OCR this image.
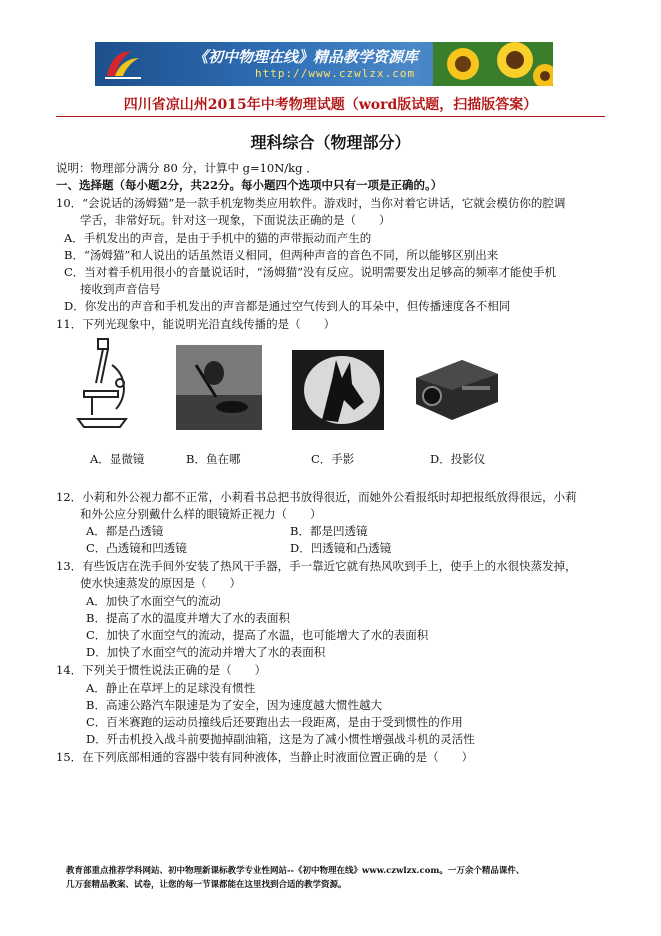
《初中物理在线》精品教学资源库
http://www.czwlzx.com
四川省凉山州2015年中考物理试题（word版试题，扫描版答案）
理科综合（物理部分）
说明：物理部分满分 80 分，计算中 g=10N/kg ．
一、选择题（每小题2分，共22分。每小题四个选项中只有一项是正确的。）
10．“会说话的汤姆猫”是一款手机宠物类应用软件。游戏时，当你对着它讲话，它就会模仿你的腔调
学舌，非常好玩。针对这一现象，下面说法正确的是（　　）
A．手机发出的声音，是由于手机中的猫的声带振动而产生的
B．“汤姆猫”和人说出的话虽然语义相同，但两种声音的音色不同，所以能够区别出来
C．当对着手机用很小的音量说话时，“汤姆猫”没有反应。说明需要发出足够高的频率才能使手机
接收到声音信号
D．你发出的声音和手机发出的声音都是通过空气传到人的耳朵中，但传播速度各不相同
11．下列光现象中，能说明光沿直线传播的是（　　）
A．显微镜	B．鱼在哪	C．手影	D．投影仪
12．小莉和外公视力都不正常，小莉看书总把书放得很近，而她外公看报纸时却把报纸放得很远，小莉
和外公应分别戴什么样的眼镜矫正视力（　　）
A．都是凸透镜	B．都是凹透镜
C．凸透镜和凹透镜	D．凹透镜和凸透镜
13．有些饭店在洗手间外安装了热风干手器，手一靠近它就有热风吹到手上，使手上的水很快蒸发掉，
使水快速蒸发的原因是（　　）
A．加快了水面空气的流动
B．提高了水的温度并增大了水的表面积
C．加快了水面空气的流动，提高了水温，也可能增大了水的表面积
D．加快了水面空气的流动并增大了水的表面积
14．下列关于惯性说法正确的是（　　）
A．静止在草坪上的足球没有惯性
B．高速公路汽车限速是为了安全，因为速度越大惯性越大
C．百米赛跑的运动员撞线后还要跑出去一段距离，是由于受到惯性的作用
D．歼击机投入战斗前要抛掉副油箱，这是为了减小惯性增强战斗机的灵活性
15．在下列底部相通的容器中装有同种液体，当静止时液面位置正确的是（　　）
教育部重点推荐学科网站、初中物理新课标教学专业性网站--《初中物理在线》www.czwlzx.com。一万余个精品课件、
几万套精品教案、试卷，让您的每一节课都能在这里找到合适的教学资源。
